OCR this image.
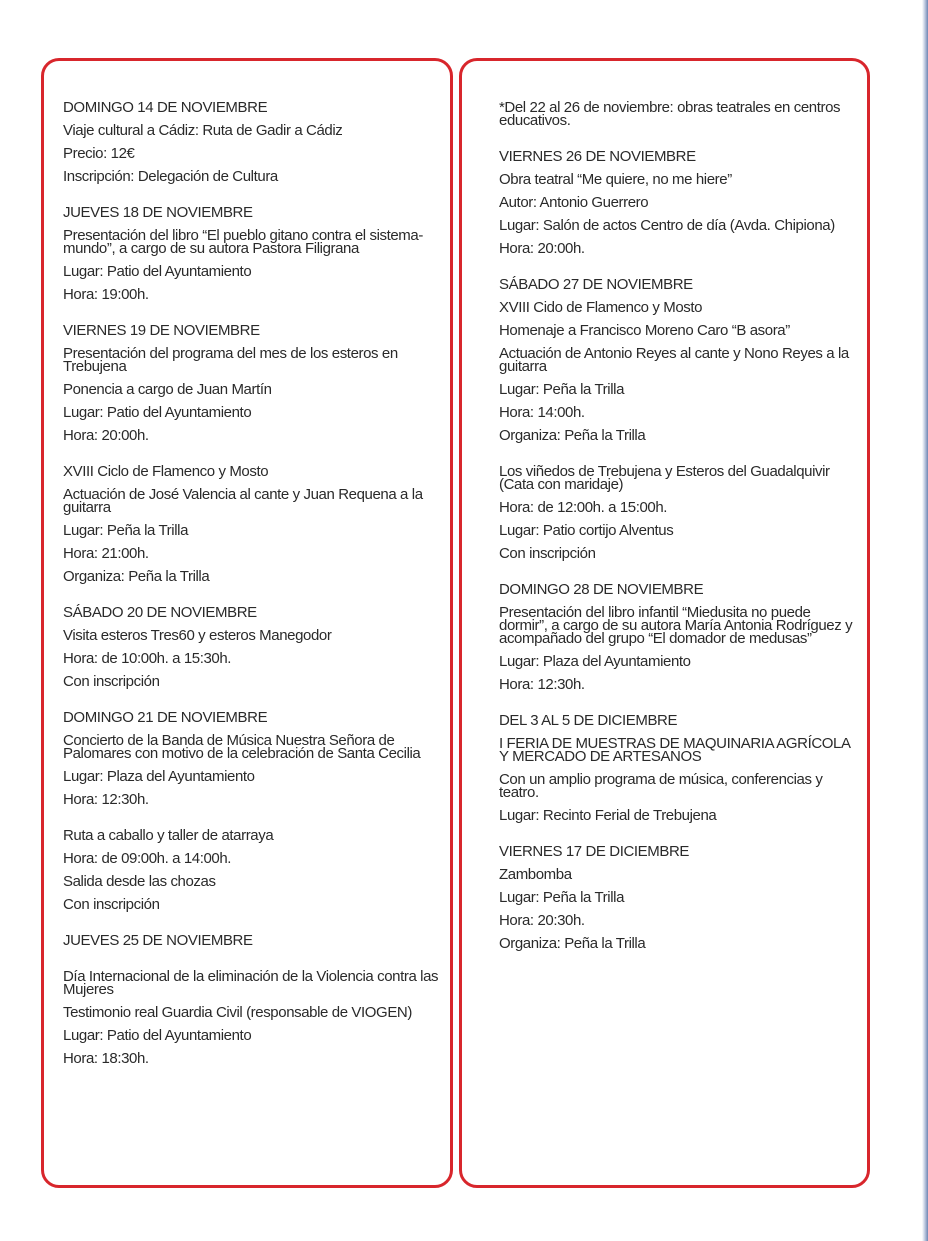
DOMINGO 14 DE NOVIEMBRE
Viaje cultural a Cádiz: Ruta de Gadir a Cádiz
Precio: 12€
Inscripción: Delegación de Cultura
JUEVES 18 DE NOVIEMBRE
Presentación del libro “El pueblo gitano contra el sistema-mundo”, a cargo de su autora Pastora Filigrana
Lugar: Patio del Ayuntamiento
Hora: 19:00h.
VIERNES 19 DE NOVIEMBRE
Presentación del programa del mes de los esteros en Trebujena
Ponencia a cargo de Juan Martín
Lugar: Patio del Ayuntamiento
Hora: 20:00h.
XVIII Ciclo de Flamenco y Mosto
Actuación de José Valencia al cante y Juan Requena a la guitarra
Lugar: Peña la Trilla
Hora: 21:00h.
Organiza: Peña la Trilla
SÁBADO 20 DE NOVIEMBRE
Visita esteros Tres60 y esteros Manegodor
Hora: de 10:00h. a 15:30h.
Con inscripción
DOMINGO 21 DE NOVIEMBRE
Concierto de la Banda de Música Nuestra Señora de Palomares con motivo de la celebración de Santa Cecilia
Lugar: Plaza del Ayuntamiento
Hora: 12:30h.
Ruta a caballo y taller de atarraya
Hora: de 09:00h. a 14:00h.
Salida desde las chozas
Con inscripción
JUEVES 25 DE NOVIEMBRE
Día Internacional de la eliminación de la Violencia contra las Mujeres
Testimonio real Guardia Civil (responsable de VIOGEN)
Lugar: Patio del Ayuntamiento
Hora: 18:30h.
*Del 22 al 26 de noviembre: obras teatrales en centros educativos.
VIERNES 26 DE NOVIEMBRE
Obra teatral “Me quiere, no me hiere”
Autor: Antonio Guerrero
Lugar: Salón de actos Centro de día (Avda. Chipiona)
Hora: 20:00h.
SÁBADO 27 DE NOVIEMBRE
XVIII Cido de Flamenco y Mosto
Homenaje a Francisco Moreno Caro “B asora”
Actuación de Antonio Reyes al cante y Nono Reyes a la guitarra
Lugar: Peña la Trilla
Hora: 14:00h.
Organiza: Peña la Trilla
Los viñedos de Trebujena y Esteros del Guadalquivir (Cata con maridaje)
Hora: de 12:00h. a 15:00h.
Lugar: Patio cortijo Alventus
Con inscripción
DOMINGO 28 DE NOVIEMBRE
Presentación del libro infantil “Miedusita no puede dormir”, a cargo de su autora María Antonia Rodríguez y acompañado del grupo “El domador de medusas”
Lugar: Plaza del Ayuntamiento
Hora: 12:30h.
DEL 3 AL 5 DE DICIEMBRE
I FERIA DE MUESTRAS DE MAQUINARIA AGRÍCOLA Y MERCADO DE ARTESANOS
Con un amplio programa de música, conferencias y teatro.
Lugar: Recinto Ferial de Trebujena
VIERNES 17 DE DICIEMBRE
Zambomba
Lugar: Peña la Trilla
Hora: 20:30h.
Organiza: Peña la Trilla
